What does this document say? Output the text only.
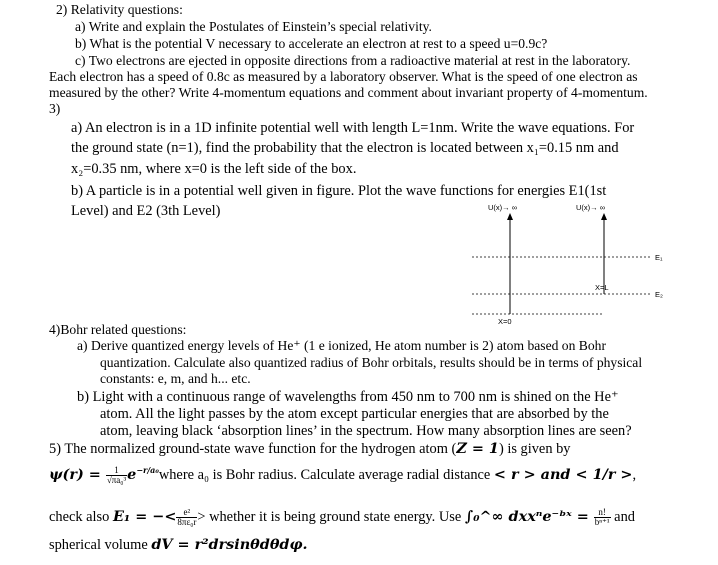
2) Relativity questions:
a) Write and explain the Postulates of Einstein’s special relativity.
b) What is the potential V necessary to accelerate an electron at rest to a speed u=0.9c?
c) Two electrons are ejected in opposite directions from a radioactive material at rest in the laboratory.
Each electron has a speed of 0.8c as measured by a laboratory observer. What is the speed of one electron as
measured by the other? Write 4-momentum equations and comment about invariant property of 4-momentum.
3)
a) An electron is in a 1D infinite potential well with length L=1nm. Write the wave equations. For
the ground state (n=1), find the probability that the electron is located between x₁=0.15 nm and
x₂=0.35 nm, where x=0 is the left side of the box.
b) A particle is in a potential well given in figure. Plot the wave functions for energies E1(1st
Level) and E2 (3th Level)	U(x)→ ∞	U(x)→ ∞
E₁
X=L
E₂
X=0
4)Bohr related questions:
a) Derive quantized energy levels of He⁺ (1 e ionized, He atom number is 2) atom based on Bohr
quantization. Calculate also quantized radius of Bohr orbitals, results should be in terms of physical
constants: e, m, and h... etc.
b) Light with a continuous range of wavelengths from 450 nm to 700 nm is shined on the He⁺
atom. All the light passes by the atom except particular energies that are absorbed by the
atom, leaving black ‘absorption lines’ in the spectrum. How many absorption lines are seen?
5) The normalized ground-state wave function for the hydrogen atom (Z = 1) is given by
$\psi(r) = \frac{1}{\text{√πa₀³}}$ $e^{-r/a_0}where$ a₀ is Bohr radius. Calculate average radial distance < r > and < 1/r >,
check also E₁ = −< $\frac{\text{e²}}{\text{8πε₀r}}$ > whether it is being ground state energy. Use ∫₀^∞ dxxⁿe⁻ᵇˣ = $\frac{n!}{\text{bⁿ⁺¹}}$ and
spherical volume dV = r²drsinθdθdφ.
